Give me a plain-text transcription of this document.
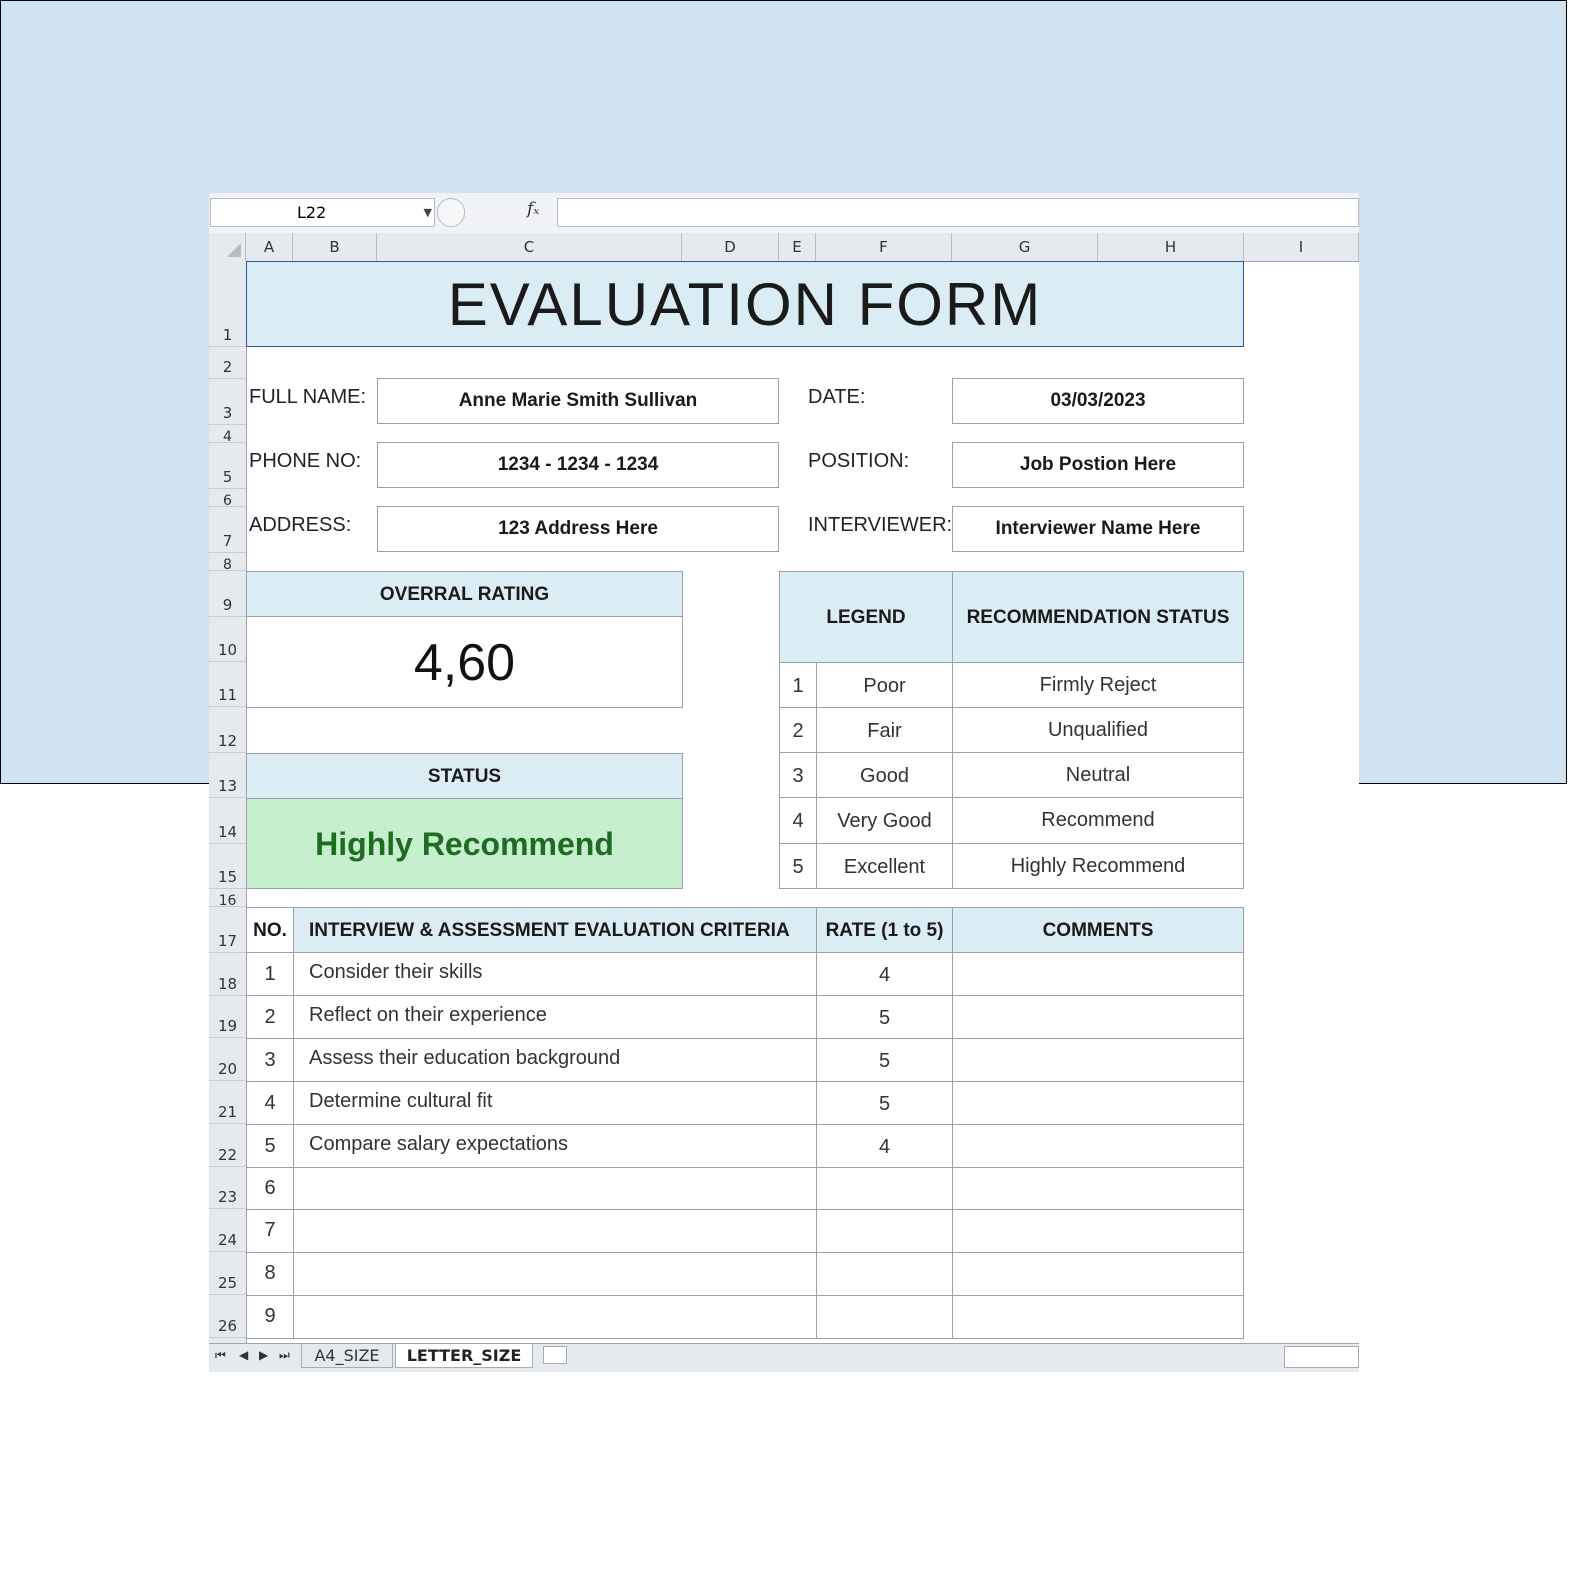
L22	▼	𝑓ₓ
A	B	C	D	E	F	G	H	I
1
2
3
4
5
6
7
8
9
10
11
12
13
14
15
16
17
18
19
20
21
22
23
24
25
26
EVALUATION FORM
FULL NAME:	Anne Marie Smith Sullivan	DATE:	03/03/2023
PHONE NO:	1234 - 1234 - 1234	POSITION:	Job Postion Here
ADDRESS:	123 Address Here	INTERVIEWER:	Interviewer Name Here
OVERRAL RATING
4,60
STATUS
Highly Recommend
LEGEND	RECOMMENDATION STATUS
1	Poor	Firmly Reject
2	Fair	Unqualified
3	Good	Neutral
4	Very Good	Recommend
5	Excellent	Highly Recommend
NO.	INTERVIEW & ASSESSMENT EVALUATION CRITERIA	RATE (1 to 5)	COMMENTS
1	Consider their skills	4
2	Reflect on their experience	5
3	Assess their education background	5
4	Determine cultural fit	5
5	Compare salary expectations	4
6
7
8
9
⏮ ◀ ▶ ⏭	A4_SIZE	LETTER_SIZE
